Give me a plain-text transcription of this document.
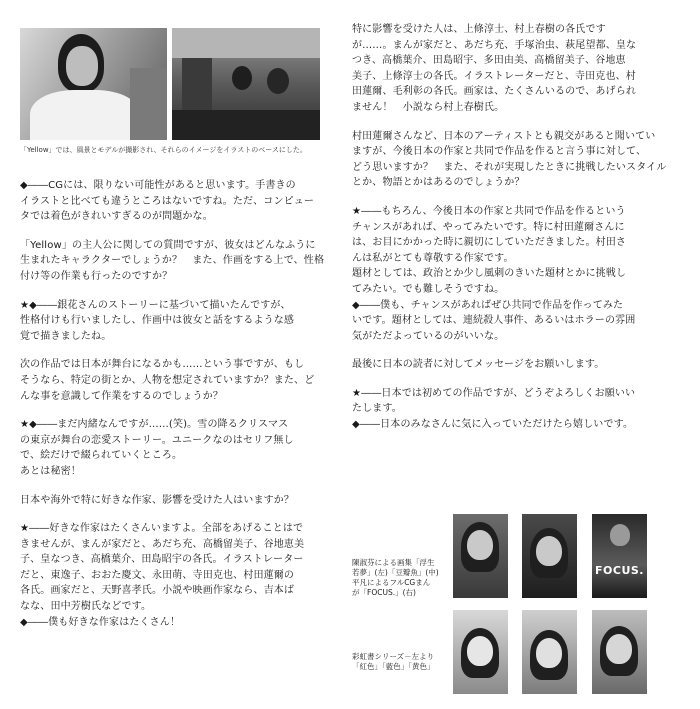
「Yellow」では、風景とモデルが撮影され、それらのイメージをイラストのベースにした。

◆――CGには、限りない可能性があると思います。手書きの
イラストと比べても違うところはないですね。ただ、コンピュー
タでは着色がきれいすぎるのが問題かな。

「Yellow」の主人公に関しての質問ですが、彼女はどんなふうに
生まれたキャラクターでしょうか？　また、作画をする上で、性格
付け等の作業も行ったのですか？

★◆――銀花さんのストーリーに基づいて描いたんですが、
性格付けも行いましたし、作画中は彼女と話をするような感
覚で描きましたね。

次の作品では日本が舞台になるかも……という事ですが、もし
そうなら、特定の街とか、人物を想定されていますか？また、ど
んな事を意識して作業をするのでしょうか？

★◆――まだ内緒なんですが……(笑)。雪の降るクリスマス
の東京が舞台の恋愛ストーリー。ユニークなのはセリフ無し
で、絵だけで綴られていくところ。
あとは秘密！

日本や海外で特に好きな作家、影響を受けた人はいますか？

★――好きな作家はたくさんいますよ。全部をあげることはで
きませんが、まんが家だと、あだち充、高橋留美子、谷地恵美
子、皇なつき、高橋葉介、田島昭宇の各氏。イラストレーター
だと、東逸子、おおた慶文、永田萌、寺田克也、村田蓮爾の
各氏。画家だと、天野喜孝氏。小説や映画作家なら、吉本ば
なな、田中芳樹氏などです。
◆――僕も好きな作家はたくさん！

特に影響を受けた人は、上條淳士、村上春樹の各氏です
が……。まんが家だと、あだち充、手塚治虫、萩尾望都、皇な
つき、高橋葉介、田島昭宇、多田由美、高橋留美子、谷地恵
美子、上條淳士の各氏。イラストレーターだと、寺田克也、村
田蓮爾、毛利彰の各氏。画家は、たくさんいるので、あげられ
ません！　小説なら村上春樹氏。

村田蓮爾さんなど、日本のアーティストとも親交があると聞いてい
ますが、今後日本の作家と共同で作品を作ると言う事に対して、
どう思いますか？　また、それが実現したときに挑戦したいスタイル
とか、物語とかはあるのでしょうか？

★――もちろん、今後日本の作家と共同で作品を作るという
チャンスがあれば、やってみたいです。特に村田蓮爾さんに
は、お目にかかった時に親切にしていただきました。村田さ
んは私がとても尊敬する作家です。
題材としては、政治とか少し風刺のきいた題材とかに挑戦し
てみたい。でも難しそうですね。
◆――僕も、チャンスがあればぜひ共同で作品を作ってみた
いです。題材としては、連続殺人事件、あるいはホラーの雰囲
気がただよっているのがいいな。

最後に日本の読者に対してメッセージをお願いします。

★――日本では初めての作品ですが、どうぞよろしくお願いい
たします。
◆――日本のみなさんに気に入っていただけたら嬉しいです。

FOCUS.
陳淑芬による画集「浮生
若夢」(左)「豆瓣魚」(中)
平凡によるフルCGまん
が「FOCUS.」(右)
彩虹書シリーズ－左より
「紅色」「藍色」「黄色」
